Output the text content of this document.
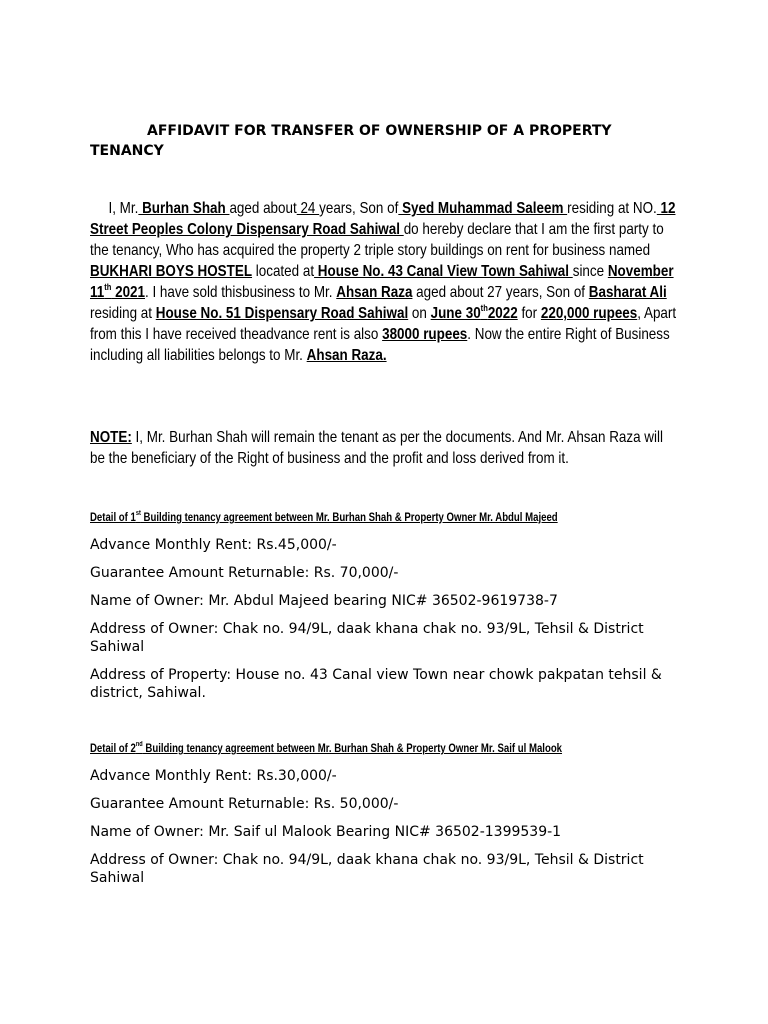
AFFIDAVIT FOR TRANSFER OF OWNERSHIP OF A PROPERTY TENANCY

I, Mr. Burhan Shah aged about 24 years, Son of Syed Muhammad Saleem residing at NO. 12 Street Peoples Colony Dispensary Road Sahiwal do hereby declare that I am the first party to the tenancy, Who has acquired the property 2 triple story buildings on rent for business named BUKHARI BOYS HOSTEL located at House No. 43 Canal View Town Sahiwal since November 11th 2021. I have sold thisbusiness to Mr. Ahsan Raza aged about 27 years, Son of Basharat Ali residing at House No. 51 Dispensary Road Sahiwal on June 30th2022 for 220,000 rupees, Apart from this I have received theadvance rent is also 38000 rupees. Now the entire Right of Business including all liabilities belongs to Mr. Ahsan Raza.
NOTE: I, Mr. Burhan Shah will remain the tenant as per the documents. And Mr. Ahsan Raza will be the beneficiary of the Right of business and the profit and loss derived from it.
Detail of 1st Building tenancy agreement between Mr. Burhan Shah & Property Owner Mr. Abdul Majeed

Advance Monthly Rent: Rs.45,000/-

Guarantee Amount Returnable: Rs. 70,000/-

Name of Owner: Mr. Abdul Majeed bearing NIC# 36502-9619738-7

Address of Owner: Chak no. 94/9L, daak khana chak no. 93/9L, Tehsil & District Sahiwal

Address of Property: House no. 43 Canal view Town near chowk pakpatan tehsil & district, Sahiwal.

Detail of 2nd Building tenancy agreement between Mr. Burhan Shah & Property Owner Mr. Saif ul Malook

Advance Monthly Rent: Rs.30,000/-

Guarantee Amount Returnable: Rs. 50,000/-

Name of Owner: Mr. Saif ul Malook Bearing NIC# 36502-1399539-1

Address of Owner: Chak no. 94/9L, daak khana chak no. 93/9L, Tehsil & District Sahiwal
